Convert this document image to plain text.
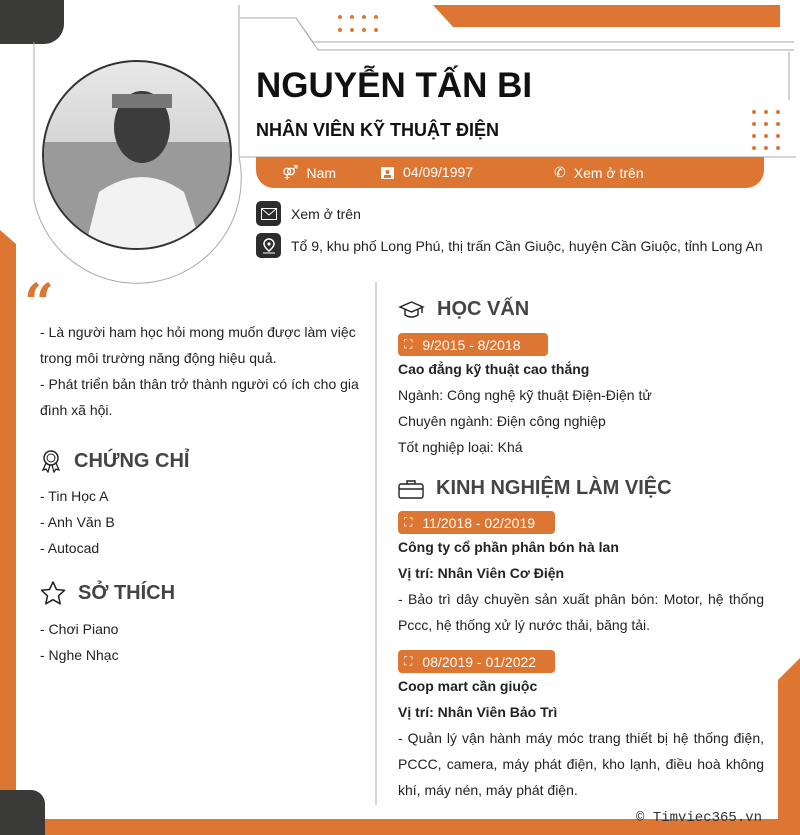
NGUYỄN TẤN BI
NHÂN VIÊN KỸ THUẬT ĐIỆN
⚤ Nam	04/09/1997	✆ Xem ở trên
Xem ở trên
Tổ 9, khu phố Long Phú, thị trấn Cần Giuộc, huyện Cần Giuộc, tỉnh Long An
“
- Là người ham học hỏi mong muốn được làm việc
trong môi trường năng động hiệu quả.
- Phát triển bản thân trở thành người có ích cho gia
đình xã hội.
CHỨNG CHỈ
- Tin Học A
- Anh Văn B
- Autocad
SỞ THÍCH
- Chơi Piano
- Nghe Nhạc
HỌC VẤN
⛶ 9/2015 - 8/2018
Cao đẳng kỹ thuật cao thắng
Ngành: Công nghệ kỹ thuật Điện-Điện tử
Chuyên ngành: Điện công nghiệp
Tốt nghiệp loại: Khá
KINH NGHIỆM LÀM VIỆC
⛶ 11/2018 - 02/2019
Công ty cổ phần phân bón hà lan
Vị trí: Nhân Viên Cơ Điện
- Bảo trì dây chuyền sản xuất phân bón: Motor, hệ thống Pccc, hệ thống xử lý nước thải, băng tải.
⛶ 08/2019 - 01/2022
Coop mart cần giuộc
Vị trí: Nhân Viên Bảo Trì
- Quản lý vận hành máy móc trang thiết bị hệ thống điện, PCCC, camera, máy phát điện, kho lạnh, điều hoà không khí, máy nén, máy phát điện.
© Timviec365.vn
